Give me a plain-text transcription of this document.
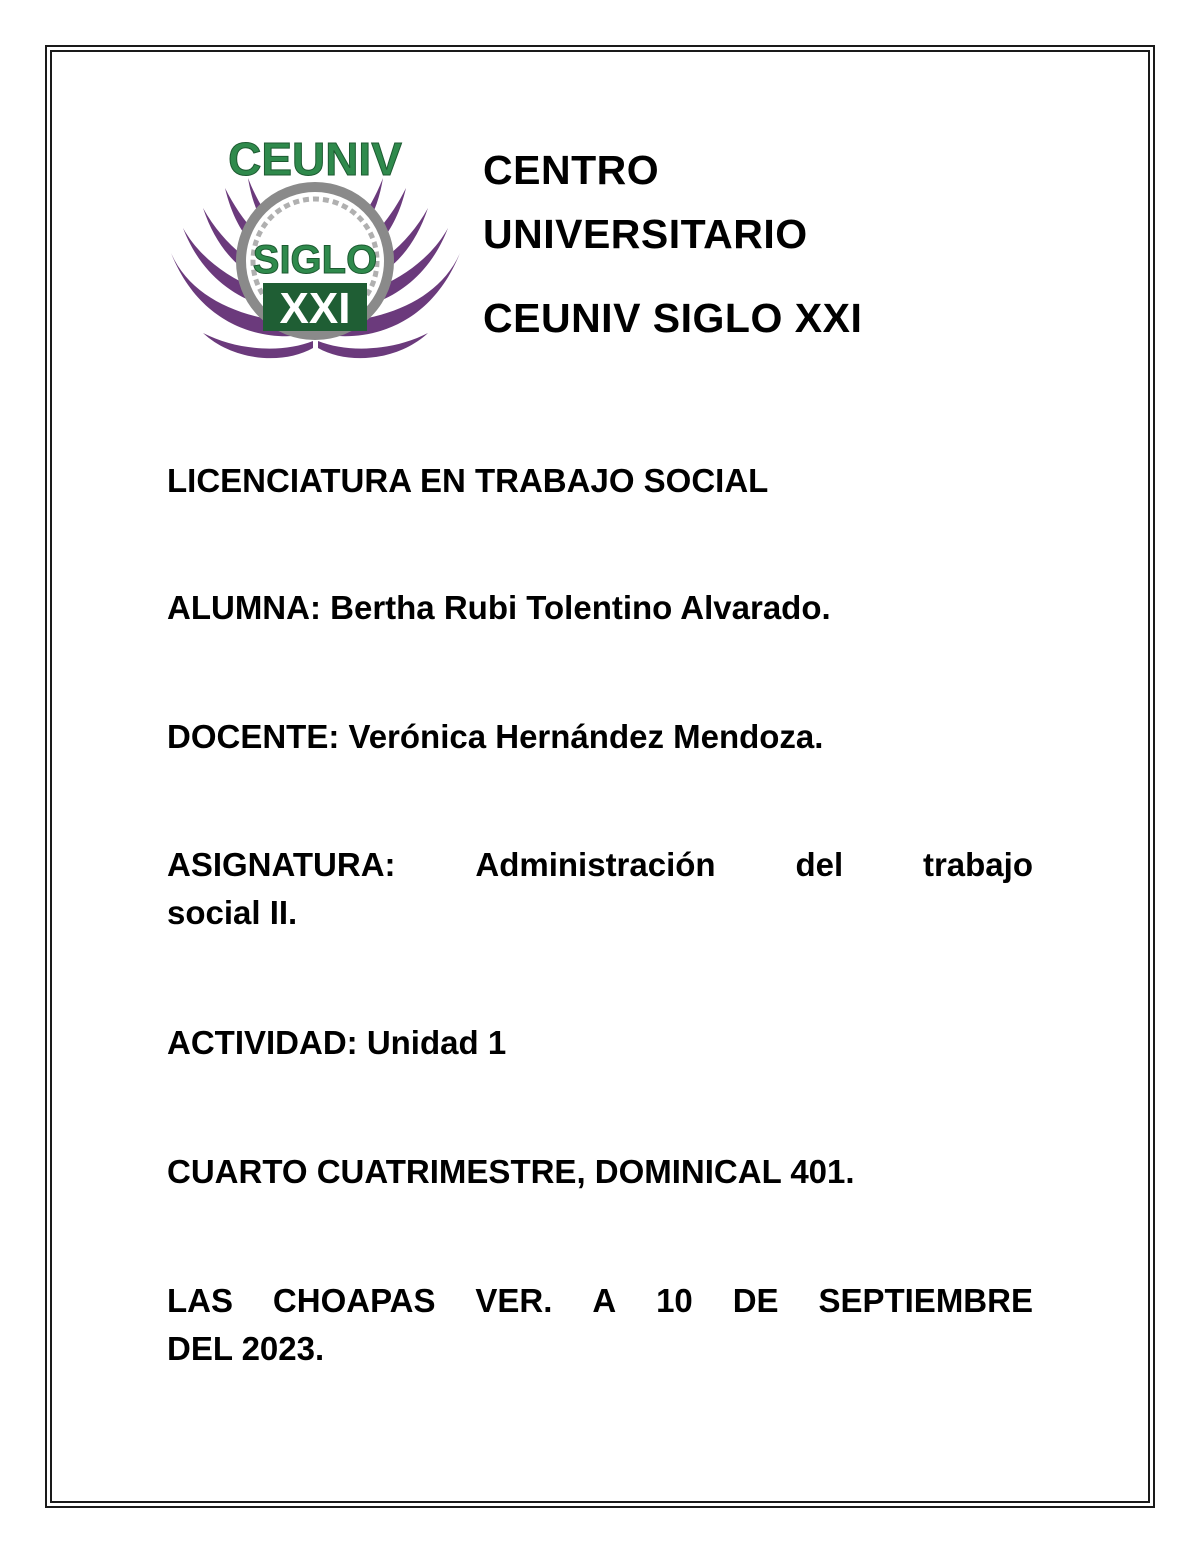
CEUNIV
SIGLO
XXI
CENTRO
UNIVERSITARIO
CEUNIV SIGLO XXI
LICENCIATURA EN TRABAJO SOCIAL
ALUMNA: Bertha Rubi Tolentino Alvarado.
DOCENTE: Verónica Hernández Mendoza.
ASIGNATURA: Administración del trabajo
social II.
ACTIVIDAD: Unidad 1
CUARTO CUATRIMESTRE, DOMINICAL 401.
LAS CHOAPAS VER. A 10 DE SEPTIEMBRE
DEL 2023.
